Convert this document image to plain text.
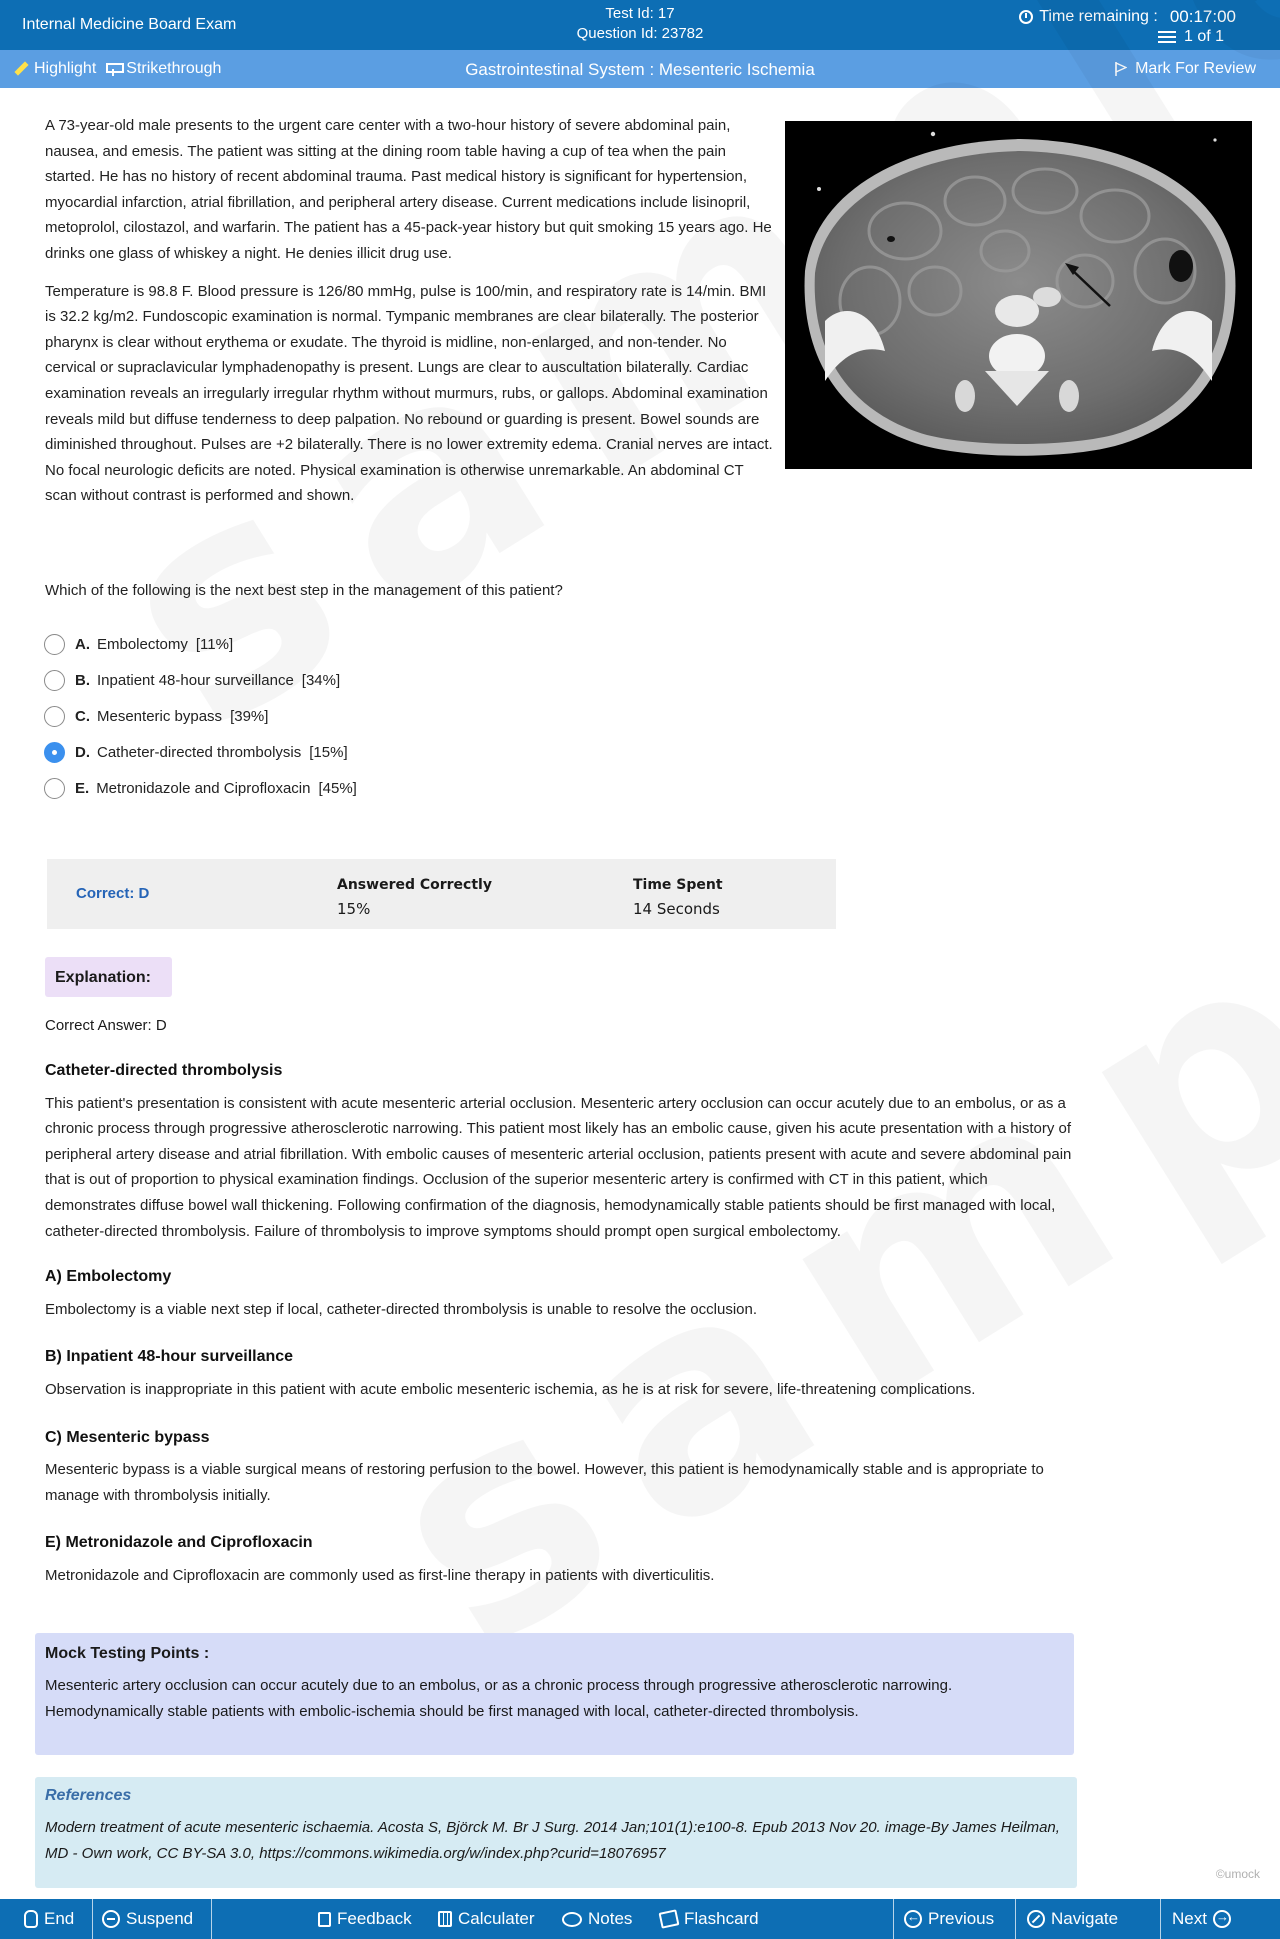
Internal Medicine Board Exam
Test Id: 17
Question Id: 23782
Time remaining : 00:17:00
1 of 1
Highlight Strikethrough	Gastrointestinal System : Mesenteric Ischemia	Mark For Review

A 73-year-old male presents to the urgent care center with a two-hour history of severe abdominal pain, nausea, and emesis. The patient was sitting at the dining room table having a cup of tea when the pain started. He has no history of recent abdominal trauma. Past medical history is significant for hypertension, myocardial infarction, atrial fibrillation, and peripheral artery disease. Current medications include lisinopril, metoprolol, cilostazol, and warfarin. The patient has a 45-pack-year history but quit smoking 15 years ago. He drinks one glass of whiskey a night. He denies illicit drug use.

Temperature is 98.8 F. Blood pressure is 126/80 mmHg, pulse is 100/min, and respiratory rate is 14/min. BMI is 32.2 kg/m2. Fundoscopic examination is normal. Tympanic membranes are clear bilaterally. The posterior pharynx is clear without erythema or exudate. The thyroid is midline, non-enlarged, and non-tender. No cervical or supraclavicular lymphadenopathy is present. Lungs are clear to auscultation bilaterally. Cardiac examination reveals an irregularly irregular rhythm without murmurs, rubs, or gallops. Abdominal examination reveals mild but diffuse tenderness to deep palpation. No rebound or guarding is present. Bowel sounds are diminished throughout. Pulses are +2 bilaterally. There is no lower extremity edema. Cranial nerves are intact. No focal neurologic deficits are noted. Physical examination is otherwise unremarkable. An abdominal CT scan without contrast is performed and shown.

Which of the following is the next best step in the management of this patient?
A. Embolectomy [11%]
B. Inpatient 48-hour surveillance [34%]
C. Mesenteric bypass [39%]
D. Catheter-directed thrombolysis [15%]
E. Metronidazole and Ciprofloxacin [45%]
Correct: D	Answered Correctly
15%
Time Spent
14 Seconds
Explanation:
Correct Answer: D
Catheter-directed thrombolysis
This patient's presentation is consistent with acute mesenteric arterial occlusion. Mesenteric artery occlusion can occur acutely due to an embolus, or as a chronic process through progressive atherosclerotic narrowing. This patient most likely has an embolic cause, given his acute presentation with a history of peripheral artery disease and atrial fibrillation. With embolic causes of mesenteric arterial occlusion, patients present with acute and severe abdominal pain that is out of proportion to physical examination findings. Occlusion of the superior mesenteric artery is confirmed with CT in this patient, which demonstrates diffuse bowel wall thickening. Following confirmation of the diagnosis, hemodynamically stable patients should be first managed with local, catheter-directed thrombolysis. Failure of thrombolysis to improve symptoms should prompt open surgical embolectomy.
A) Embolectomy
Embolectomy is a viable next step if local, catheter-directed thrombolysis is unable to resolve the occlusion.
B) Inpatient 48-hour surveillance
Observation is inappropriate in this patient with acute embolic mesenteric ischemia, as he is at risk for severe, life-threatening complications.
C) Mesenteric bypass
Mesenteric bypass is a viable surgical means of restoring perfusion to the bowel. However, this patient is hemodynamically stable and is appropriate to manage with thrombolysis initially.
E) Metronidazole and Ciprofloxacin
Metronidazole and Ciprofloxacin are commonly used as first-line therapy in patients with diverticulitis.
Mock Testing Points :

Mesenteric artery occlusion can occur acutely due to an embolus, or as a chronic process through progressive atherosclerotic narrowing. Hemodynamically stable patients with embolic-ischemia should be first managed with local, catheter-directed thrombolysis.

References

Modern treatment of acute mesenteric ischaemia. Acosta S, Björck M. Br J Surg. 2014 Jan;101(1):e100-8. Epub 2013 Nov 20. image-By James Heilman, MD - Own work, CC BY-SA 3.0, https://commons.wikimedia.org/w/index.php?curid=18076957

©umock
End	Suspend	Feedback	Calculater	Notes	Flashcard
←	Previous	Navigate	Next
→
